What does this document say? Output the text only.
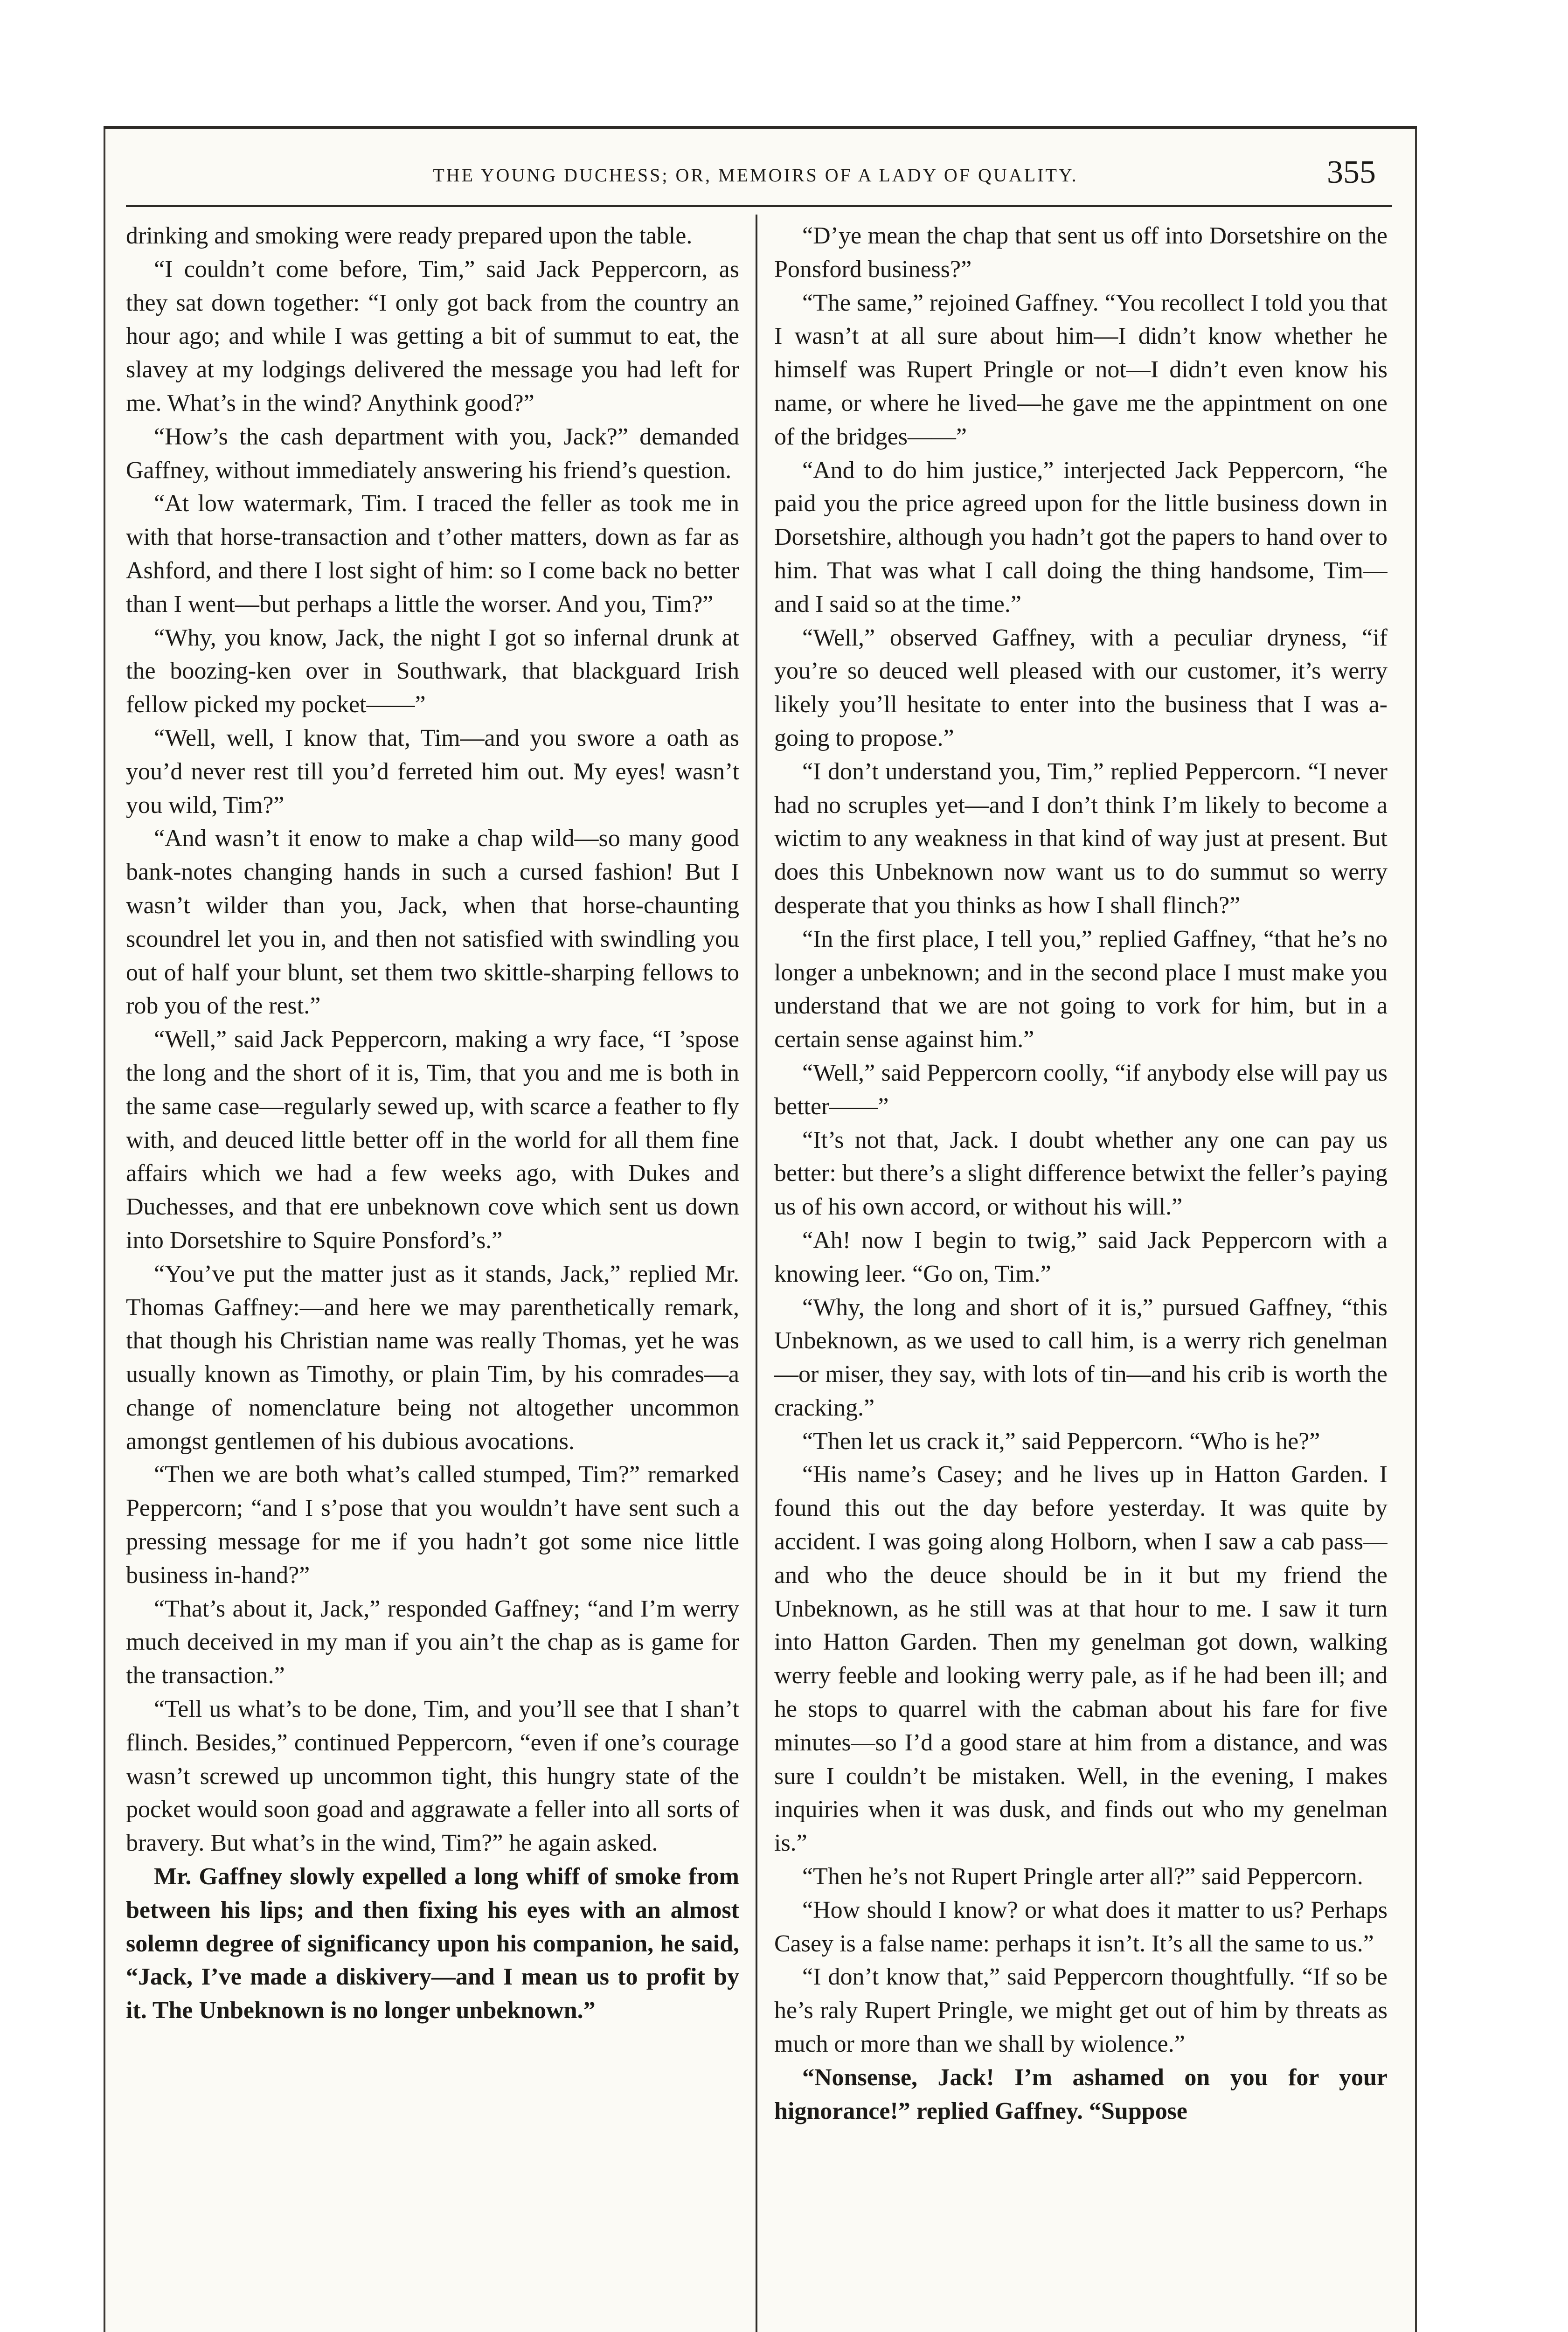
THE YOUNG DUCHESS; OR, MEMOIRS OF A LADY OF QUALITY.	355

drinking and smoking were ready prepared upon the table.

“I couldn’t come before, Tim,” said Jack Peppercorn, as they sat down together: “I only got back from the country an hour ago; and while I was getting a bit of summut to eat, the slavey at my lodgings delivered the message you had left for me. What’s in the wind? Anythink good?”

“How’s the cash department with you, Jack?” demanded Gaffney, without immediately answering his friend’s question.

“At low watermark, Tim. I traced the feller as took me in with that horse-transaction and t’other matters, down as far as Ashford, and there I lost sight of him: so I come back no better than I went—but perhaps a little the worser. And you, Tim?”

“Why, you know, Jack, the night I got so infernal drunk at the boozing-ken over in Southwark, that blackguard Irish fellow picked my pocket——”

“Well, well, I know that, Tim—and you swore a oath as you’d never rest till you’d ferreted him out. My eyes! wasn’t you wild, Tim?”

“And wasn’t it enow to make a chap wild—so many good bank-notes changing hands in such a cursed fashion! But I wasn’t wilder than you, Jack, when that horse-chaunting scoundrel let you in, and then not satisfied with swindling you out of half your blunt, set them two skittle-sharping fellows to rob you of the rest.”

“Well,” said Jack Peppercorn, making a wry face, “I ’spose the long and the short of it is, Tim, that you and me is both in the same case—regularly sewed up, with scarce a feather to fly with, and deuced little better off in the world for all them fine affairs which we had a few weeks ago, with Dukes and Duchesses, and that ere unbeknown cove which sent us down into Dorsetshire to Squire Ponsford’s.”

“You’ve put the matter just as it stands, Jack,” replied Mr. Thomas Gaffney:—and here we may parenthetically remark, that though his Christian name was really Thomas, yet he was usually known as Timothy, or plain Tim, by his comrades—a change of nomenclature being not altogether uncommon amongst gentlemen of his dubious avocations.

“Then we are both what’s called stumped, Tim?” remarked Peppercorn; “and I s’pose that you wouldn’t have sent such a pressing message for me if you hadn’t got some nice little business in-hand?”

“That’s about it, Jack,” responded Gaffney; “and I’m werry much deceived in my man if you ain’t the chap as is game for the transaction.”

“Tell us what’s to be done, Tim, and you’ll see that I shan’t flinch. Besides,” continued Peppercorn, “even if one’s courage wasn’t screwed up uncommon tight, this hungry state of the pocket would soon goad and aggrawate a feller into all sorts of bravery. But what’s in the wind, Tim?” he again asked.

Mr. Gaffney slowly expelled a long whiff of smoke from between his lips; and then fixing his eyes with an almost solemn degree of significancy upon his companion, he said, “Jack, I’ve made a diskivery—and I mean us to profit by it. The Unbeknown is no longer unbeknown.”

“D’ye mean the chap that sent us off into Dorsetshire on the Ponsford business?”

“The same,” rejoined Gaffney. “You recollect I told you that I wasn’t at all sure about him—I didn’t know whether he himself was Rupert Pringle or not—I didn’t even know his name, or where he lived—he gave me the appintment on one of the bridges——”

“And to do him justice,” interjected Jack Peppercorn, “he paid you the price agreed upon for the little business down in Dorsetshire, although you hadn’t got the papers to hand over to him. That was what I call doing the thing handsome, Tim—and I said so at the time.”

“Well,” observed Gaffney, with a peculiar dryness, “if you’re so deuced well pleased with our customer, it’s werry likely you’ll hesitate to enter into the business that I was a-going to propose.”

“I don’t understand you, Tim,” replied Peppercorn. “I never had no scruples yet—and I don’t think I’m likely to become a wictim to any weakness in that kind of way just at present. But does this Unbeknown now want us to do summut so werry desperate that you thinks as how I shall flinch?”

“In the first place, I tell you,” replied Gaffney, “that he’s no longer a unbeknown; and in the second place I must make you understand that we are not going to vork for him, but in a certain sense against him.”

“Well,” said Peppercorn coolly, “if anybody else will pay us better——”

“It’s not that, Jack. I doubt whether any one can pay us better: but there’s a slight difference betwixt the feller’s paying us of his own accord, or without his will.”

“Ah! now I begin to twig,” said Jack Peppercorn with a knowing leer. “Go on, Tim.”

“Why, the long and short of it is,” pursued Gaffney, “this Unbeknown, as we used to call him, is a werry rich genelman—or miser, they say, with lots of tin—and his crib is worth the cracking.”

“Then let us crack it,” said Peppercorn. “Who is he?”

“His name’s Casey; and he lives up in Hatton Garden. I found this out the day before yesterday. It was quite by accident. I was going along Holborn, when I saw a cab pass—and who the deuce should be in it but my friend the Unbeknown, as he still was at that hour to me. I saw it turn into Hatton Garden. Then my genelman got down, walking werry feeble and looking werry pale, as if he had been ill; and he stops to quarrel with the cabman about his fare for five minutes—so I’d a good stare at him from a distance, and was sure I couldn’t be mistaken. Well, in the evening, I makes inquiries when it was dusk, and finds out who my genelman is.”

“Then he’s not Rupert Pringle arter all?” said Peppercorn.

“How should I know? or what does it matter to us? Perhaps Casey is a false name: perhaps it isn’t. It’s all the same to us.”

“I don’t know that,” said Peppercorn thoughtfully. “If so be he’s raly Rupert Pringle, we might get out of him by threats as much or more than we shall by wiolence.”

“Nonsense, Jack! I’m ashamed on you for your hignorance!” replied Gaffney. “Suppose
